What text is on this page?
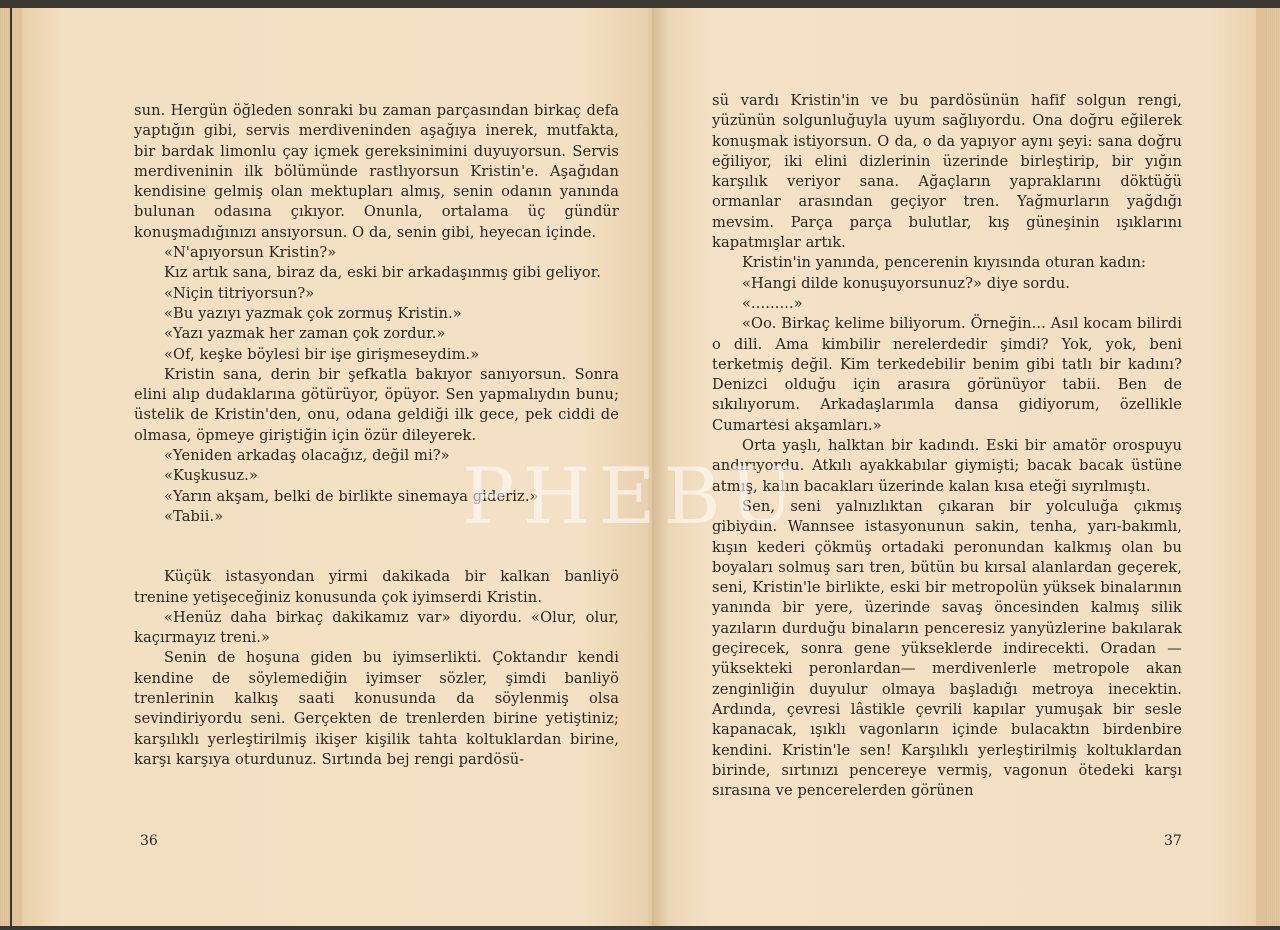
sun. Hergün öğleden sonraki bu zaman parçasından birkaç defa yaptığın gibi, servis merdiveninden aşağıya inerek, mutfakta, bir bardak limonlu çay içmek gereksinimini duyuyorsun. Servis merdiveninin ilk bölümünde rastlıyorsun Kristin'e. Aşağıdan kendisine gelmiş olan mektupları almış, senin odanın yanında bulunan odasına çıkıyor. Onunla, ortalama üç gündür konuşmadığınızı ansıyorsun. O da, senin gibi, heyecan içinde.

«N'apıyorsun Kristin?»

Kız artık sana, biraz da, eski bir arkadaşınmış gibi geliyor.

«Niçin titriyorsun?»

«Bu yazıyı yazmak çok zormuş Kristin.»

«Yazı yazmak her zaman çok zordur.»

«Of, keşke böylesi bir işe girişmeseydim.»

Kristin sana, derin bir şefkatla bakıyor sanıyorsun. Sonra elini alıp dudaklarına götürüyor, öpüyor. Sen yapmalıydın bunu; üstelik de Kristin'den, onu, odana geldiği ilk gece, pek ciddi de olmasa, öpmeye giriştiğin için özür dileyerek.

«Yeniden arkadaş olacağız, değil mi?»

«Kuşkusuz.»

«Yarın akşam, belki de birlikte sinemaya gideriz.»

«Tabii.»

Küçük istasyondan yirmi dakikada bir kalkan banliyö trenine yetişeceğiniz konusunda çok iyimserdi Kristin.

«Henüz daha birkaç dakikamız var» diyordu. «Olur, olur, kaçırmayız treni.»

Senin de hoşuna giden bu iyimserlikti. Çoktandır kendi kendine de söylemediğin iyimser sözler, şimdi banliyö trenlerinin kalkış saati konusunda da söylenmiş olsa sevindiriyordu seni. Gerçekten de trenlerden birine yetiştiniz; karşılıklı yerleştirilmiş ikişer kişilik tahta koltuklardan birine, karşı karşıya oturdunuz. Sırtında bej rengi pardösü-

36

sü vardı Kristin'in ve bu pardösünün hafif solgun rengi, yüzünün solgunluğuyla uyum sağlıyordu. Ona doğru eğilerek konuşmak istiyorsun. O da, o da yapıyor aynı şeyi: sana doğru eğiliyor, iki elini dizlerinin üzerinde birleştirip, bir yığın karşılık veriyor sana. Ağaçların yapraklarını döktüğü ormanlar arasından geçiyor tren. Yağmurların yağdığı mevsim. Parça parça bulutlar, kış güneşinin ışıklarını kapatmışlar artık.

Kristin'in yanında, pencerenin kıyısında oturan kadın:

«Hangi dilde konuşuyorsunuz?» diye sordu.

«.........»

«Oo. Birkaç kelime biliyorum. Örneğin... Asıl kocam bilirdi o dili. Ama kimbilir nerelerdedir şimdi? Yok, yok, beni terketmiş değil. Kim terkedebilir benim gibi tatlı bir kadını? Denizci olduğu için arasıra görünüyor tabii. Ben de sıkılıyorum. Arkadaşlarımla dansa gidiyorum, özellikle Cumartesi akşamları.»

Orta yaşlı, halktan bir kadındı. Eski bir amatör orospuyu andırıyordu. Atkılı ayakkabılar giymişti; bacak bacak üstüne atmış, kalın bacakları üzerinde kalan kısa eteği sıyrılmıştı.

Sen, seni yalnızlıktan çıkaran bir yolculuğa çıkmış gibiydin. Wannsee istasyonunun sakin, tenha, yarı-bakımlı, kışın kederi çökmüş ortadaki peronundan kalkmış olan bu boyaları solmuş sarı tren, bütün bu kırsal alanlardan geçerek, seni, Kristin'le birlikte, eski bir metropolün yüksek binalarının yanında bir yere, üzerinde savaş öncesinden kalmış silik yazıların durduğu binaların penceresiz yanyüzlerine bakılarak geçirecek, sonra gene yükseklerde indirecekti. Oradan —yüksekteki peronlardan— merdivenlerle metropole akan zenginliğin duyulur olmaya başladığı metroya inecektin. Ardında, çevresi lâstikle çevrili kapılar yumuşak bir sesle kapanacak, ışıklı vagonların içinde bulacaktın birdenbire kendini. Kristin'le sen! Karşılıklı yerleştirilmiş koltuklardan birinde, sırtınızı pencereye vermiş, vagonun ötedeki karşı sırasına ve pencerelerden görünen

37
PHEBU
